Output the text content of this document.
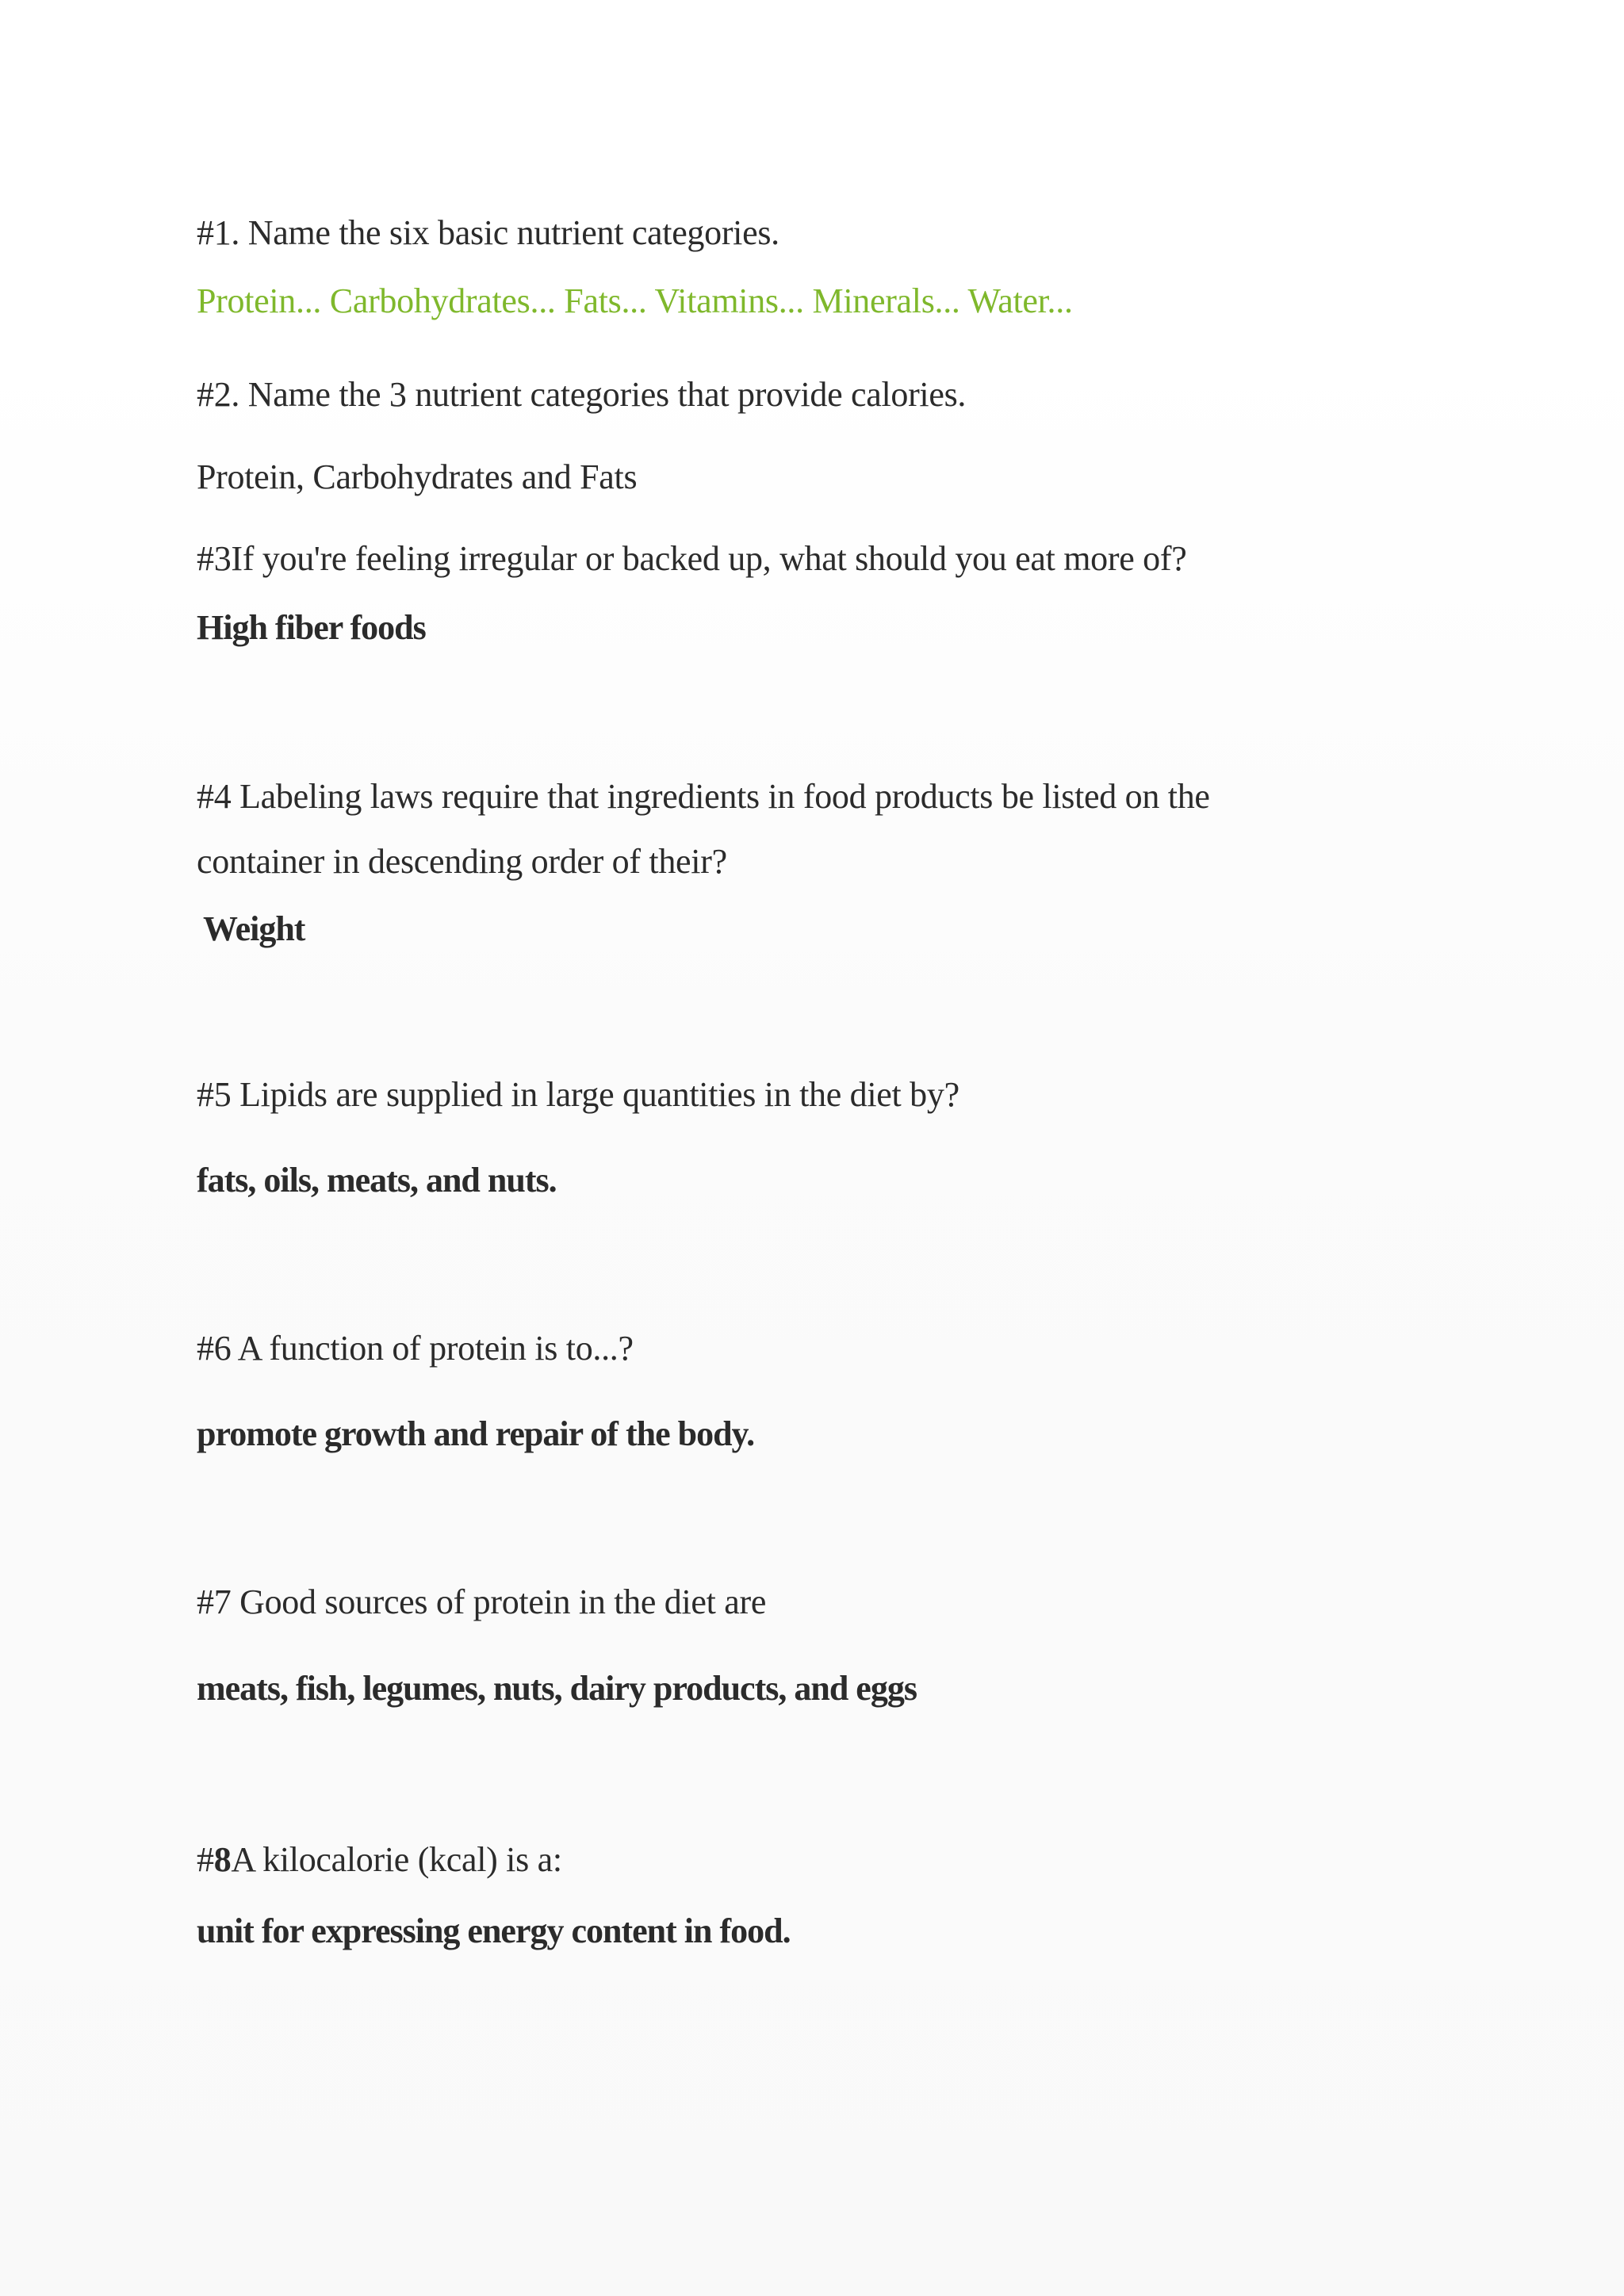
#1. Name the six basic nutrient categories.
Protein... Carbohydrates... Fats... Vitamins... Minerals... Water...
#2. Name the 3 nutrient categories that provide calories.
Protein, Carbohydrates and Fats
#3If you're feeling irregular or backed up, what should you eat more of?
High fiber foods
#4 Labeling laws require that ingredients in food products be listed on the
container in descending order of their?
Weight
#5 Lipids are supplied in large quantities in the diet by?
fats, oils, meats, and nuts.
#6 A function of protein is to...?
promote growth and repair of the body.
#7 Good sources of protein in the diet are
meats, fish, legumes, nuts, dairy products, and eggs
#8A kilocalorie (kcal) is a:
unit for expressing energy content in food.
